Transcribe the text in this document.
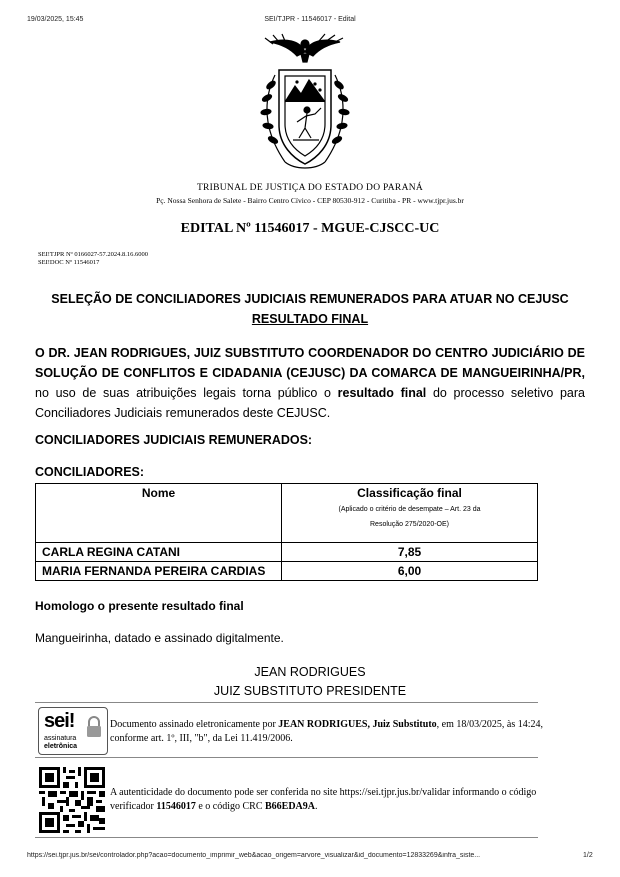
19/03/2025, 15:45	SEI/TJPR - 11546017 - Edital
TRIBUNAL DE JUSTIÇA DO ESTADO DO PARANÁ
Pç. Nossa Senhora de Salete - Bairro Centro Cívico - CEP 80530-912 - Curitiba - PR - www.tjpr.jus.br
EDITAL Nº 11546017 - MGUE-CJSCC-UC
SEI!TJPR Nº 0166027-57.2024.8.16.6000
SEI!DOC Nº 11546017
SELEÇÃO DE CONCILIADORES JUDICIAIS REMUNERADOS PARA ATUAR NO CEJUSC
RESULTADO FINAL
O DR. JEAN RODRIGUES, JUIZ SUBSTITUTO COORDENADOR DO CENTRO JUDICIÁRIO DE SOLUÇÃO DE CONFLITOS E CIDADANIA (CEJUSC) DA COMARCA DE MANGUEIRINHA/PR, no uso de suas atribuições legais torna público o resultado final do processo seletivo para Conciliadores Judiciais remunerados deste CEJUSC.
CONCILIADORES JUDICIAIS REMUNERADOS:
CONCILIADORES:
Nome	Classificação final
(Aplicado o critério de desempate – Art. 23 da
Resolução 275/2020-OE)

CARLA REGINA CATANI	7,85
MARIA FERNANDA PEREIRA CARDIAS	6,00
Homologo o presente resultado final
Mangueirinha, datado e assinado digitalmente.
JEAN RODRIGUES
JUIZ SUBSTITUTO PRESIDENTE
sei!
assinatura
eletrônica
Documento assinado eletronicamente por JEAN RODRIGUES, Juiz Substituto, em 18/03/2025, às 14:24, conforme art. 1º, III, "b", da Lei 11.419/2006.
A autenticidade do documento pode ser conferida no site https://sei.tjpr.jus.br/validar informando o código verificador 11546017 e o código CRC B66EDA9A.
https://sei.tjpr.jus.br/sei/controlador.php?acao=documento_imprimir_web&acao_origem=arvore_visualizar&id_documento=12833269&infra_siste...	1/2
